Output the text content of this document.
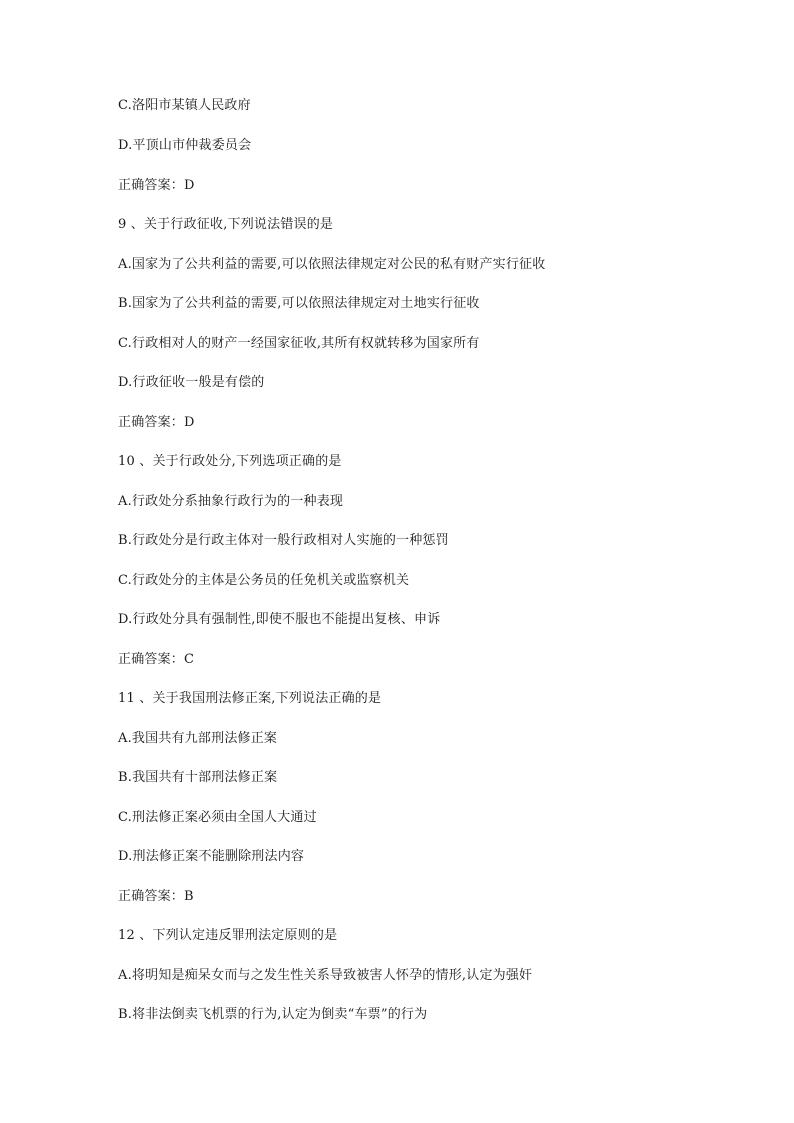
C.洛阳市某镇人民政府

D.平顶山市仲裁委员会

正确答案：D

9 、关于行政征收,下列说法错误的是

A.国家为了公共利益的需要,可以依照法律规定对公民的私有财产实行征收

B.国家为了公共利益的需要,可以依照法律规定对土地实行征收

C.行政相对人的财产一经国家征收,其所有权就转移为国家所有

D.行政征收一般是有偿的

正确答案：D

10 、关于行政处分,下列选项正确的是

A.行政处分系抽象行政行为的一种表现

B.行政处分是行政主体对一般行政相对人实施的一种惩罚

C.行政处分的主体是公务员的任免机关或监察机关

D.行政处分具有强制性,即使不服也不能提出复核、申诉

正确答案：C

11 、关于我国刑法修正案,下列说法正确的是

A.我国共有九部刑法修正案

B.我国共有十部刑法修正案

C.刑法修正案必须由全国人大通过

D.刑法修正案不能删除刑法内容

正确答案：B

12 、下列认定违反罪刑法定原则的是

A.将明知是痴呆女而与之发生性关系导致被害人怀孕的情形,认定为强奸

B.将非法倒卖飞机票的行为,认定为倒卖“车票”的行为
